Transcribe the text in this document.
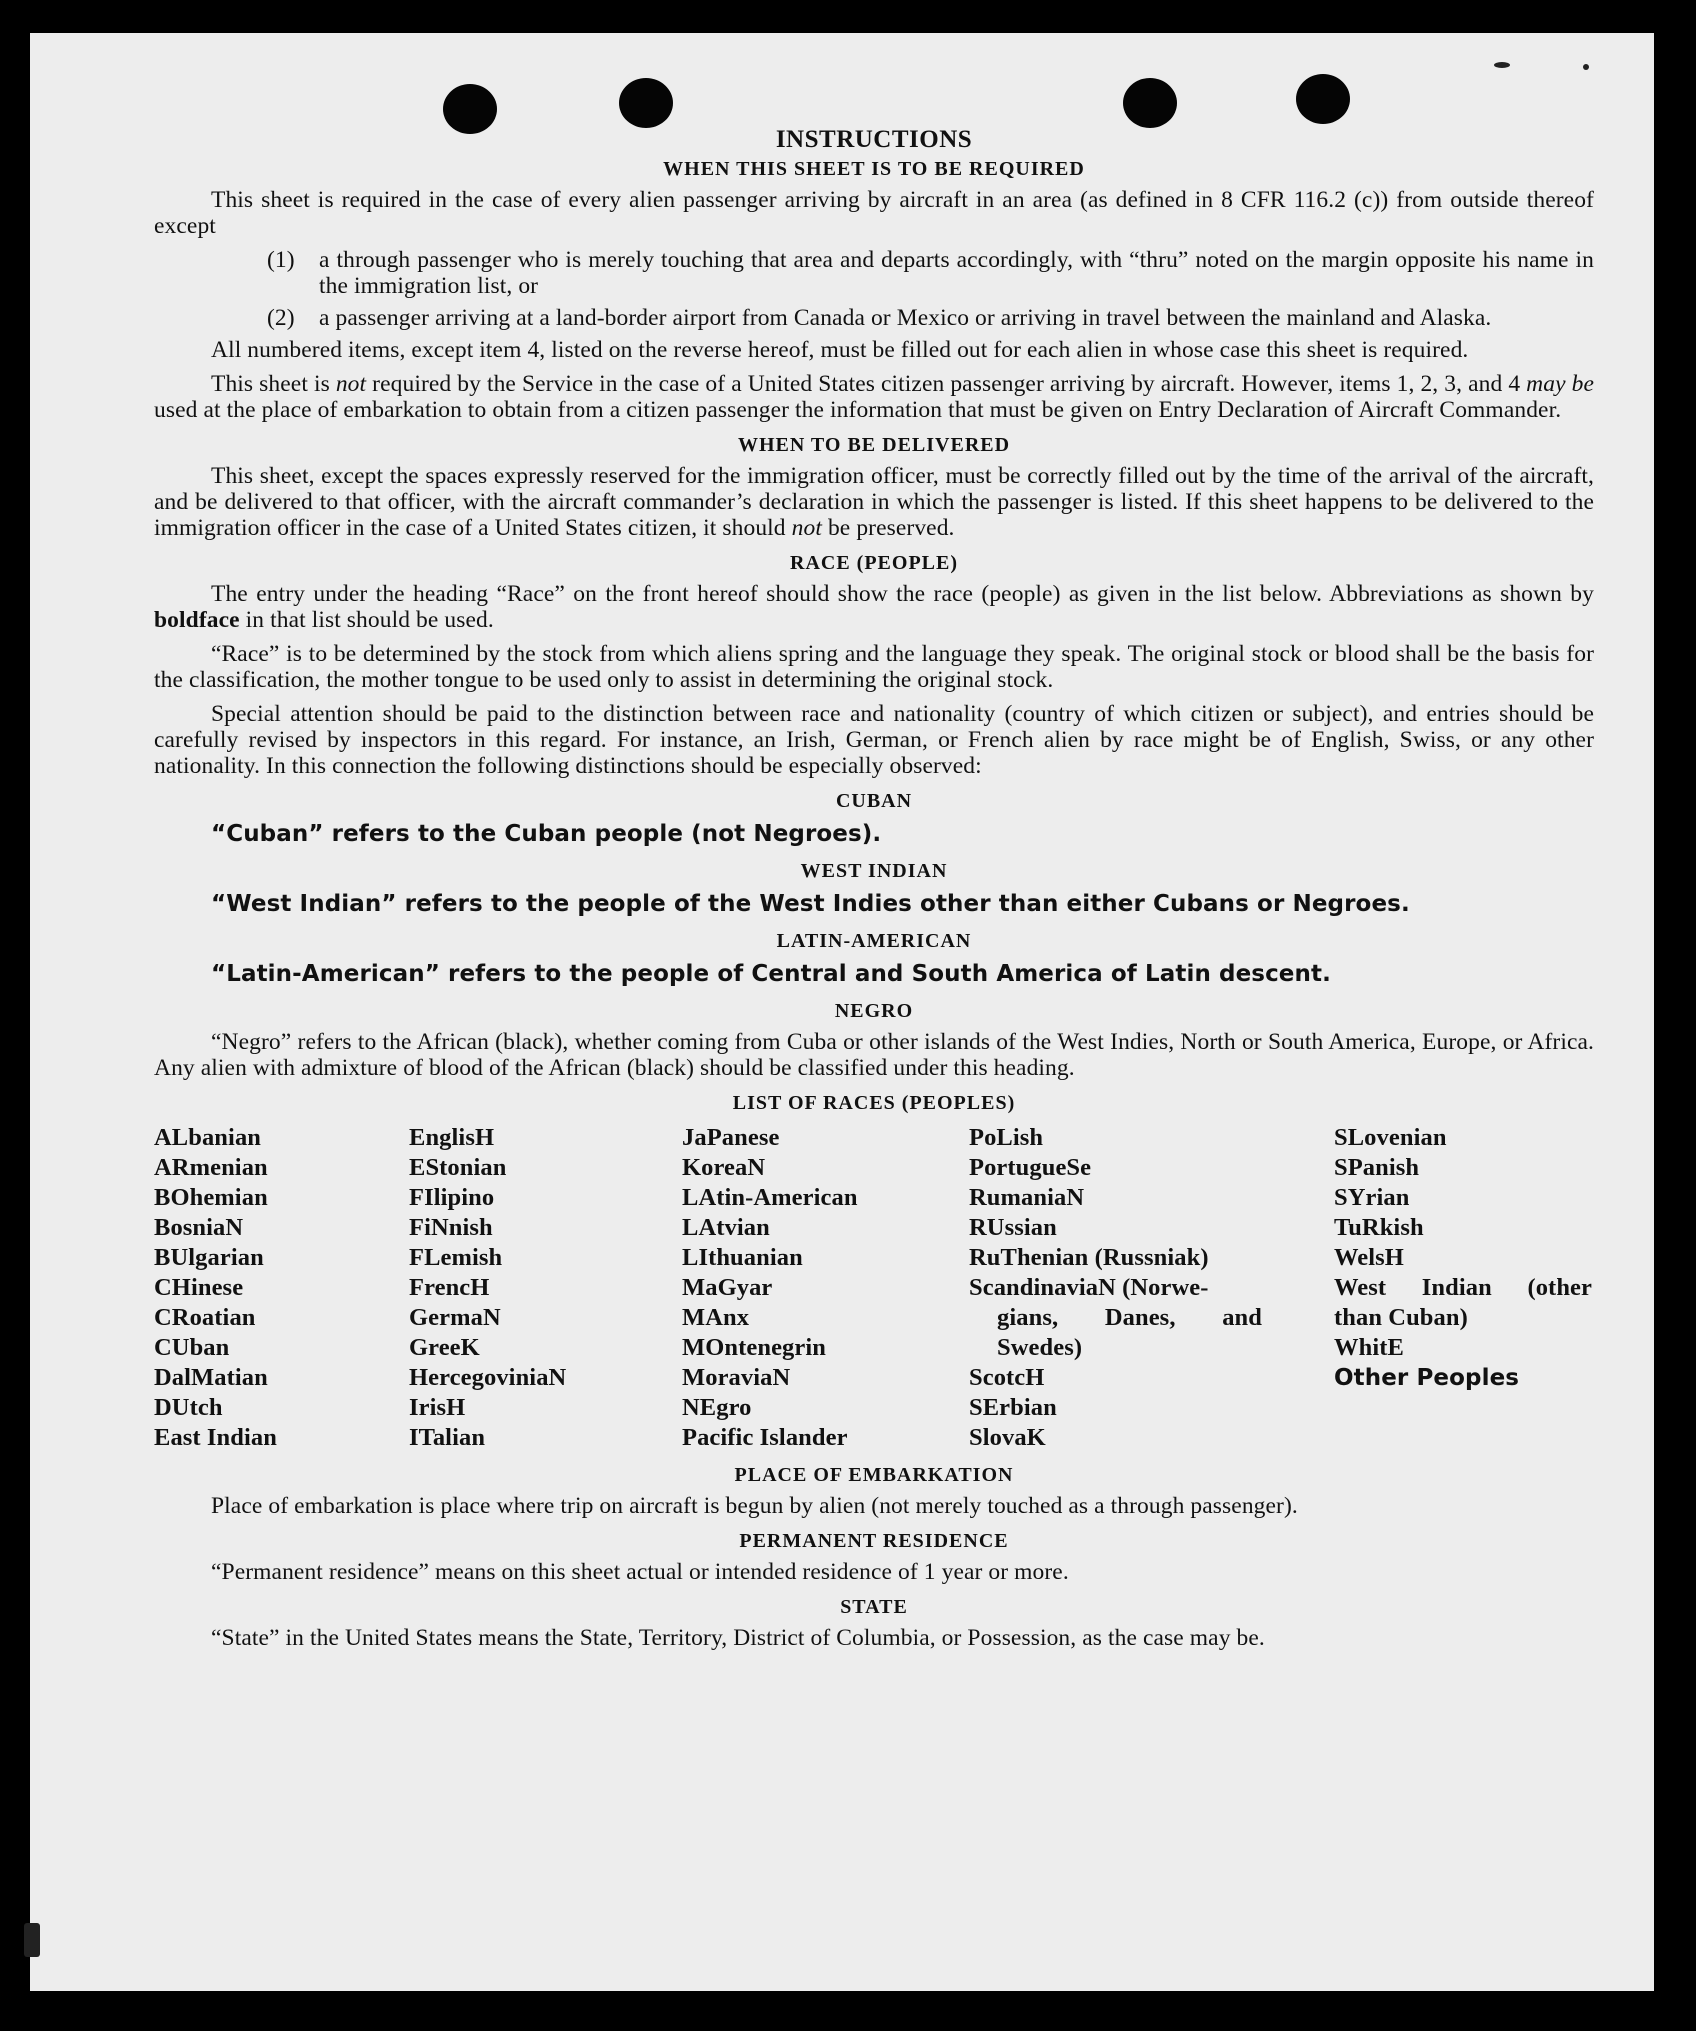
INSTRUCTIONS
WHEN THIS SHEET IS TO BE REQUIRED

This sheet is required in the case of every alien passenger arriving by aircraft in an area (as defined in 8 CFR 116.2 (c)) from outside thereof except

(1)	a through passenger who is merely touching that area and departs accordingly, with “thru” noted on the margin opposite his name in the immigration list, or
(2)	a passenger arriving at a land-border airport from Canada or Mexico or arriving in travel between the mainland and Alaska.

All numbered items, except item 4, listed on the reverse hereof, must be filled out for each alien in whose case this sheet is required.

This sheet is not required by the Service in the case of a United States citizen passenger arriving by aircraft. However, items 1, 2, 3, and 4 may be used at the place of embarkation to obtain from a citizen passenger the information that must be given on Entry Declaration of Aircraft Commander.

WHEN TO BE DELIVERED

This sheet, except the spaces expressly reserved for the immigration officer, must be correctly filled out by the time of the arrival of the aircraft, and be delivered to that officer, with the aircraft commander’s declaration in which the passenger is listed. If this sheet happens to be delivered to the immigration officer in the case of a United States citizen, it should not be preserved.

RACE (PEOPLE)

The entry under the heading “Race” on the front hereof should show the race (people) as given in the list below. Abbreviations as shown by boldface in that list should be used.

“Race” is to be determined by the stock from which aliens spring and the language they speak. The original stock or blood shall be the basis for the classification, the mother tongue to be used only to assist in determining the original stock.

Special attention should be paid to the distinction between race and nationality (country of which citizen or subject), and entries should be carefully revised by inspectors in this regard. For instance, an Irish, German, or French alien by race might be of English, Swiss, or any other nationality. In this connection the following distinctions should be especially observed:

CUBAN
“Cuban” refers to the Cuban people (not Negroes).
WEST INDIAN
“West Indian” refers to the people of the West Indies other than either Cubans or Negroes.
LATIN-AMERICAN
“Latin-American” refers to the people of Central and South America of Latin descent.
NEGRO

“Negro” refers to the African (black), whether coming from Cuba or other islands of the West Indies, North or South America, Europe, or Africa. Any alien with admixture of blood of the African (black) should be classified under this heading.

LIST OF RACES (PEOPLES)
ALbanian
ARmenian
BOhemian
BosniaN
BUlgarian
CHinese
CRoatian
CUban
DalMatian
DUtch
East Indian
EnglisH
EStonian
FIlipino
FiNnish
FLemish
FrencH
GermaN
GreeK
HercegoviniaN
IrisH
ITalian
JaPanese
KoreaN
LAtin-American
LAtvian
LIthuanian
MaGyar
MAnx
MOntenegrin
MoraviaN
NEgro
Pacific Islander
PoLish
PortugueSe
RumaniaN
RUssian
RuThenian (Russniak)
ScandinaviaN (Norwe-
gians, Danes, and
Swedes)
ScotcH
SErbian
SlovaK
SLovenian
SPanish
SYrian
TuRkish
WelsH
West Indian (other
than Cuban)
WhitE
Other Peoples
PLACE OF EMBARKATION

Place of embarkation is place where trip on aircraft is begun by alien (not merely touched as a through passenger).

PERMANENT RESIDENCE

“Permanent residence” means on this sheet actual or intended residence of 1 year or more.

STATE

“State” in the United States means the State, Territory, District of Columbia, or Possession, as the case may be.
